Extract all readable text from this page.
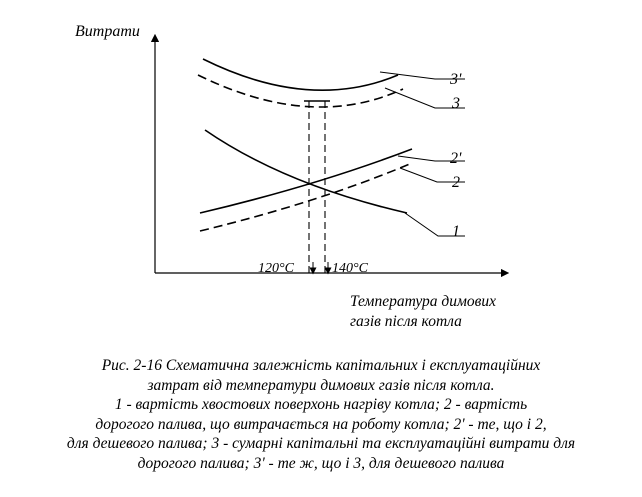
Витрати
Температура димових
газів після котла
120°С	140°С
3'
3
2'
2
1
Рис. 2-16 Схематична залежність капітальних і експлуатаційних
затрат від температури димових газів після котла.
1 - вартість хвостових поверхонь нагріву котла; 2 - вартість
дорогого палива, що витрачається на роботу котла; 2' - те, що і 2,
для дешевого палива; 3 - сумарні капітальні та експлуатаційні витрати для
дорогого палива; 3' - те ж, що і 3, для дешевого палива
